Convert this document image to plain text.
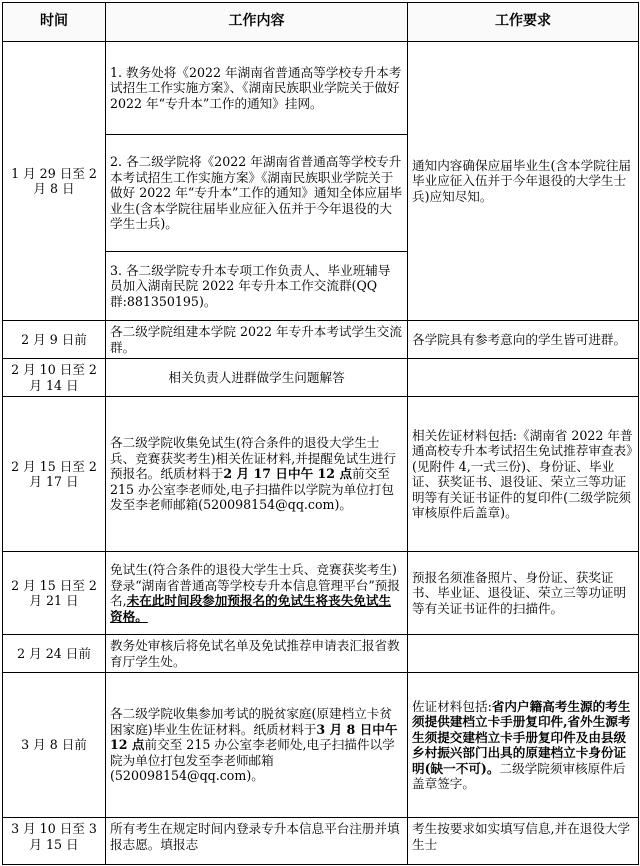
时间	工作内容	工作要求
1 月 29 日至 2 月 8 日	1. 教务处将《2022 年湖南省普通高等学校专升本考试招生工作实施方案》、《湖南民族职业学院关于做好 2022 年“专升本”工作的通知》挂网。	通知内容确保应届毕业生(含本学院往届毕业应征入伍并于今年退役的大学生士兵)应知尽知。
	2. 各二级学院将《2022 年湖南省普通高等学校专升本考试招生工作实施方案》《湖南民族职业学院关于做好 2022 年“专升本”工作的通知》通知全体应届毕业生(含本学院往届毕业应征入伍并于今年退役的大学生士兵)。	
	3. 各二级学院专升本专项工作负责人、毕业班辅导员加入湖南民院 2022 年专升本工作交流群(QQ 群:881350195)。	
2 月 9 日前	各二级学院组建本学院 2022 年专升本考试学生交流群。	各学院具有参考意向的学生皆可进群。
2 月 10 日至 2 月 14 日	相关负责人进群做学生问题解答	
2 月 15 日至 2 月 17 日	各二级学院收集免试生(符合条件的退役大学生士兵、竞赛获奖考生)相关佐证材料,并提醒免试生进行预报名。纸质材料于2 月 17 日中午 12 点前交至 215 办公室李老师处,电子扫描件以学院为单位打包发至李老师邮箱(520098154@qq.com)。	相关佐证材料包括:《湖南省 2022 年普通高校专升本考试招生免试推荐审查表》(见附件 4,一式三份)、身份证、毕业证、获奖证书、退役证、荣立三等功证明等有关证书证件的复印件(二级学院须审核原件后盖章)。
2 月 15 日至 2 月 21 日	免试生(符合条件的退役大学生士兵、竞赛获奖考生)登录“湖南省普通高等学校专升本信息管理平台”预报名,未在此时间段参加预报名的免试生将丧失免试生资格。	预报名须准备照片、身份证、获奖证书、毕业证、退役证、荣立三等功证明等有关证书证件的扫描件。
2 月 24 日前	教务处审核后将免试名单及免试推荐申请表汇报省教育厅学生处。	
3 月 8 日前	各二级学院收集参加考试的脱贫家庭(原建档立卡贫困家庭)毕业生佐证材料。纸质材料于3 月 8 日中午 12 点前交至 215 办公室李老师处,电子扫描件以学院为单位打包发至李老师邮箱(520098154@qq.com)。	佐证材料包括:省内户籍高考生源的考生须提供建档立卡手册复印件,省外生源考生须提交建档立卡手册复印件及由县级乡村振兴部门出具的原建档立卡身份证明(缺一不可)。二级学院须审核原件后盖章签字。
3 月 10 日至 3 月 15 日	所有考生在规定时间内登录专升本信息平台注册并填报志愿。填报志	考生按要求如实填写信息,并在退役大学生士
